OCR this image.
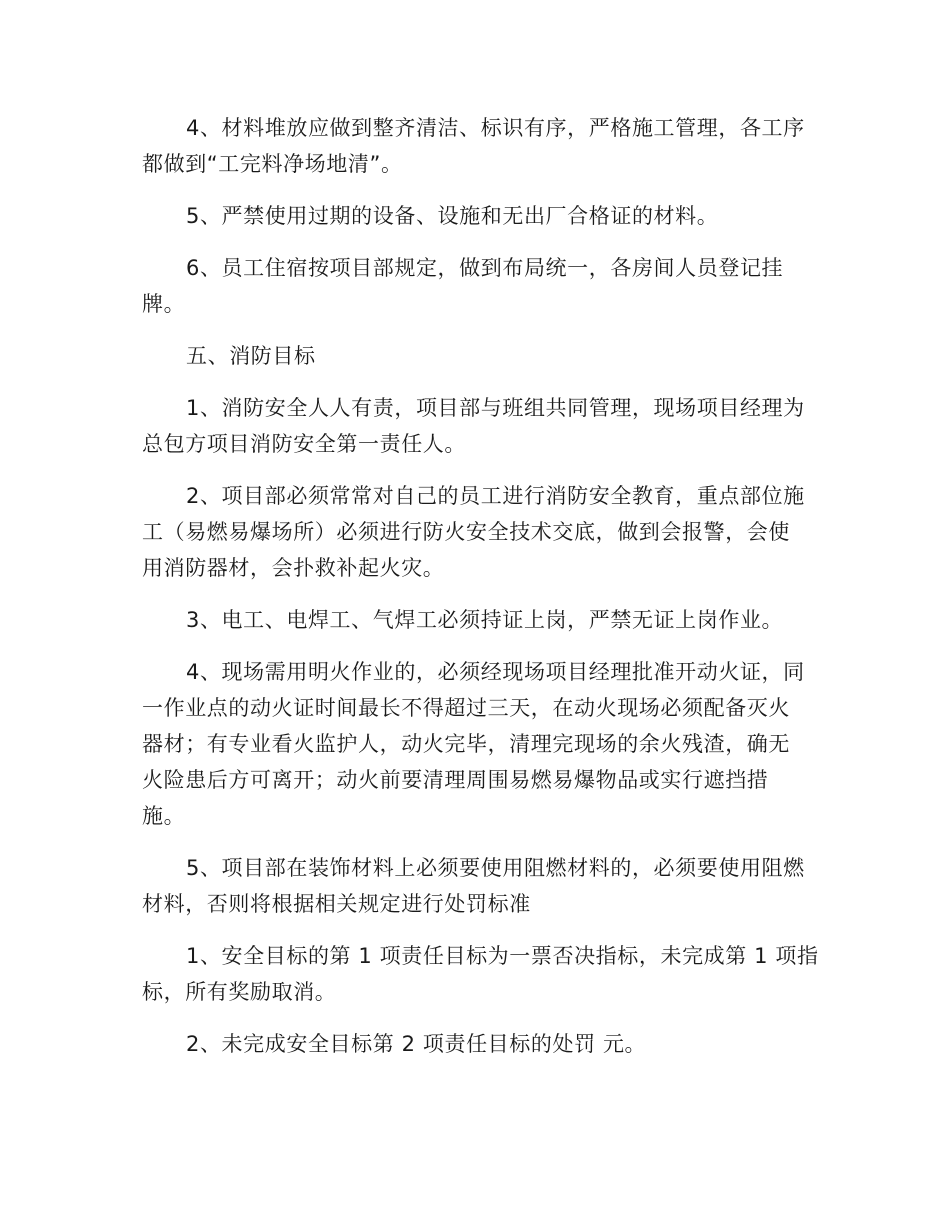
4、材料堆放应做到整齐清洁、标识有序，严格施工管理，各工序
都做到“工完料净场地清”。
5、严禁使用过期的设备、设施和无出厂合格证的材料。
6、员工住宿按项目部规定，做到布局统一，各房间人员登记挂
牌。
五、消防目标
1、消防安全人人有责，项目部与班组共同管理，现场项目经理为
总包方项目消防安全第一责任人。
2、项目部必须常常对自己的员工进行消防安全教育，重点部位施
工（易燃易爆场所）必须进行防火安全技术交底，做到会报警，会使
用消防器材，会扑救补起火灾。
3、电工、电焊工、气焊工必须持证上岗，严禁无证上岗作业。
4、现场需用明火作业的，必须经现场项目经理批准开动火证，同
一作业点的动火证时间最长不得超过三天，在动火现场必须配备灭火
器材；有专业看火监护人，动火完毕，清理完现场的余火残渣，确无
火险患后方可离开；动火前要清理周围易燃易爆物品或实行遮挡措
施。
5、项目部在装饰材料上必须要使用阻燃材料的，必须要使用阻燃
材料，否则将根据相关规定进行处罚标准
1、安全目标的第 1 项责任目标为一票否决指标，未完成第 1 项指
标，所有奖励取消。
2、未完成安全目标第 2 项责任目标的处罚 元。
